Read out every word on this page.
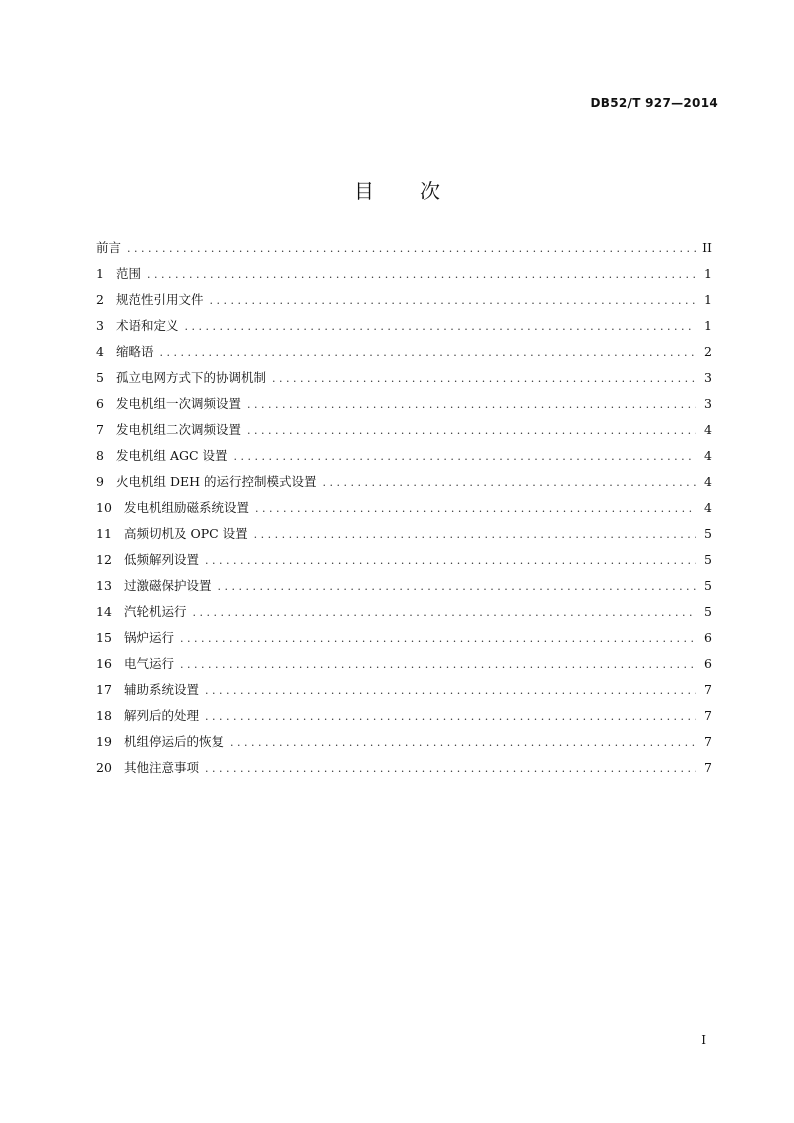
DB52/T 927—2014
目 次
前言 . . .	II
1 范围 . . .	1
2 规范性引用文件 . . .	1
3 术语和定义 . . .	1
4 缩略语 . . .	2
5 孤立电网方式下的协调机制 . . .	3
6 发电机组一次调频设置 . . .	3
7 发电机组二次调频设置 . . .	4
8 发电机组 AGC 设置 . . .	4
9 火电机组 DEH 的运行控制模式设置 . . .	4
10 发电机组励磁系统设置 . . .	4
11 高频切机及 OPC 设置 . . .	5
12 低频解列设置 . . .	5
13 过激磁保护设置 . . .	5
14 汽轮机运行 . . .	5
15 锅炉运行 . . .	6
16 电气运行 . . .	6
17 辅助系统设置 . . .	7
18 解列后的处理 . . .	7
19 机组停运后的恢复 . . .	7
20 其他注意事项 . . .	7
I
